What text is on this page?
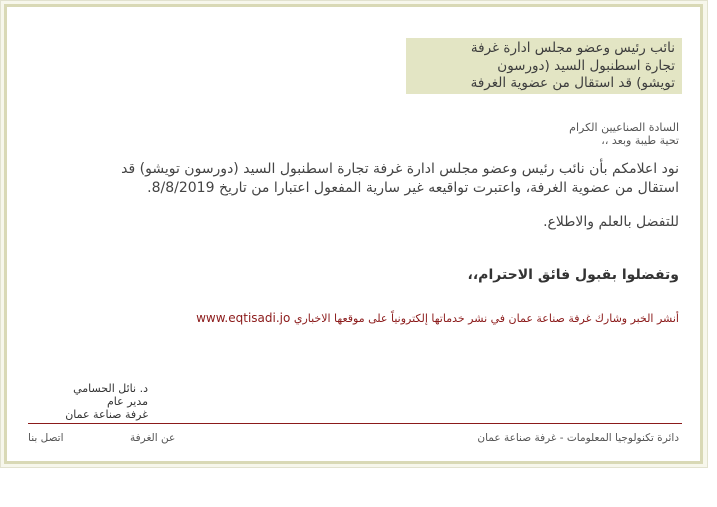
نائب رئيس وعضو مجلس ادارة غرفة
تجارة اسطنبول السيد (دورسون
تويشو) قد استقال من عضوية الغرفة
السادة الصناعيين الكرام
تحية طيبة وبعد ،،
نود اعلامكم بأن نائب رئيس وعضو مجلس ادارة غرفة تجارة اسطنبول السيد (دورسون تويشو) قد استقال من عضوية الغرفة، واعتبرت تواقيعه غير سارية المفعول اعتبارا من تاريخ 8/8/2019.
للتفضل بالعلم والاطلاع.
وتفضلوا بقبول فائق الاحترام،،
أنشر الخبر وشارك غرفة صناعة عمان في نشر خدماتها إلكترونياً على موقعها الاخباري www.eqtisadi.jo
د. نائل الحسامي
مدير عام
غرفة صناعة عمان
دائرة تكنولوجيا المعلومات - غرفة صناعة عمان
عن الغرفة
اتصل بنا
